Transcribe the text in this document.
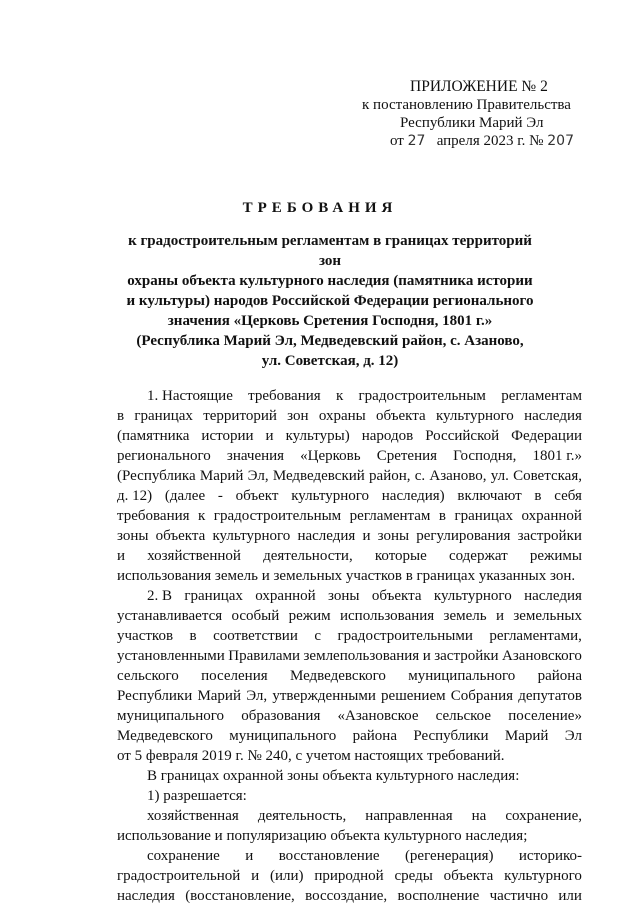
ПРИЛОЖЕНИЕ № 2
к постановлению Правительства
Республики Марий Эл
от 27 апреля 2023 г. № 207
ТРЕБОВАНИЯ
к градостроительным регламентам в границах территорий зон
охраны объекта культурного наследия (памятника истории
и культуры) народов Российской Федерации регионального
значения «Церковь Сретения Господня, 1801 г.»
(Республика Марий Эл, Медведевский район, с. Азаново,
ул. Советская, д. 12)
1. Настоящие требования к градостроительным регламентам
в границах территорий зон охраны объекта культурного наследия
(памятника истории и культуры) народов Российской Федерации
регионального значения «Церковь Сретения Господня, 1801 г.»
(Республика Марий Эл, Медведевский район, с. Азаново, ул. Советская,
д. 12) (далее - объект культурного наследия) включают в себя
требования к градостроительным регламентам в границах охранной
зоны объекта культурного наследия и зоны регулирования застройки
и хозяйственной деятельности, которые содержат режимы
использования земель и земельных участков в границах указанных зон.
2. В границах охранной зоны объекта культурного наследия
устанавливается особый режим использования земель и земельных
участков в соответствии с градостроительными регламентами,
установленными Правилами землепользования и застройки Азановского
сельского поселения Медведевского муниципального района
Республики Марий Эл, утвержденными решением Собрания депутатов
муниципального образования «Азановское сельское поселение»
Медведевского муниципального района Республики Марий Эл
от 5 февраля 2019 г. № 240, с учетом настоящих требований.
В границах охранной зоны объекта культурного наследия:
1) разрешается:
хозяйственная деятельность, направленная на сохранение,
использование и популяризацию объекта культурного наследия;
сохранение и восстановление (регенерация) историко-
градостроительной и (или) природной среды объекта культурного
наследия (восстановление, воссоздание, восполнение частично или
